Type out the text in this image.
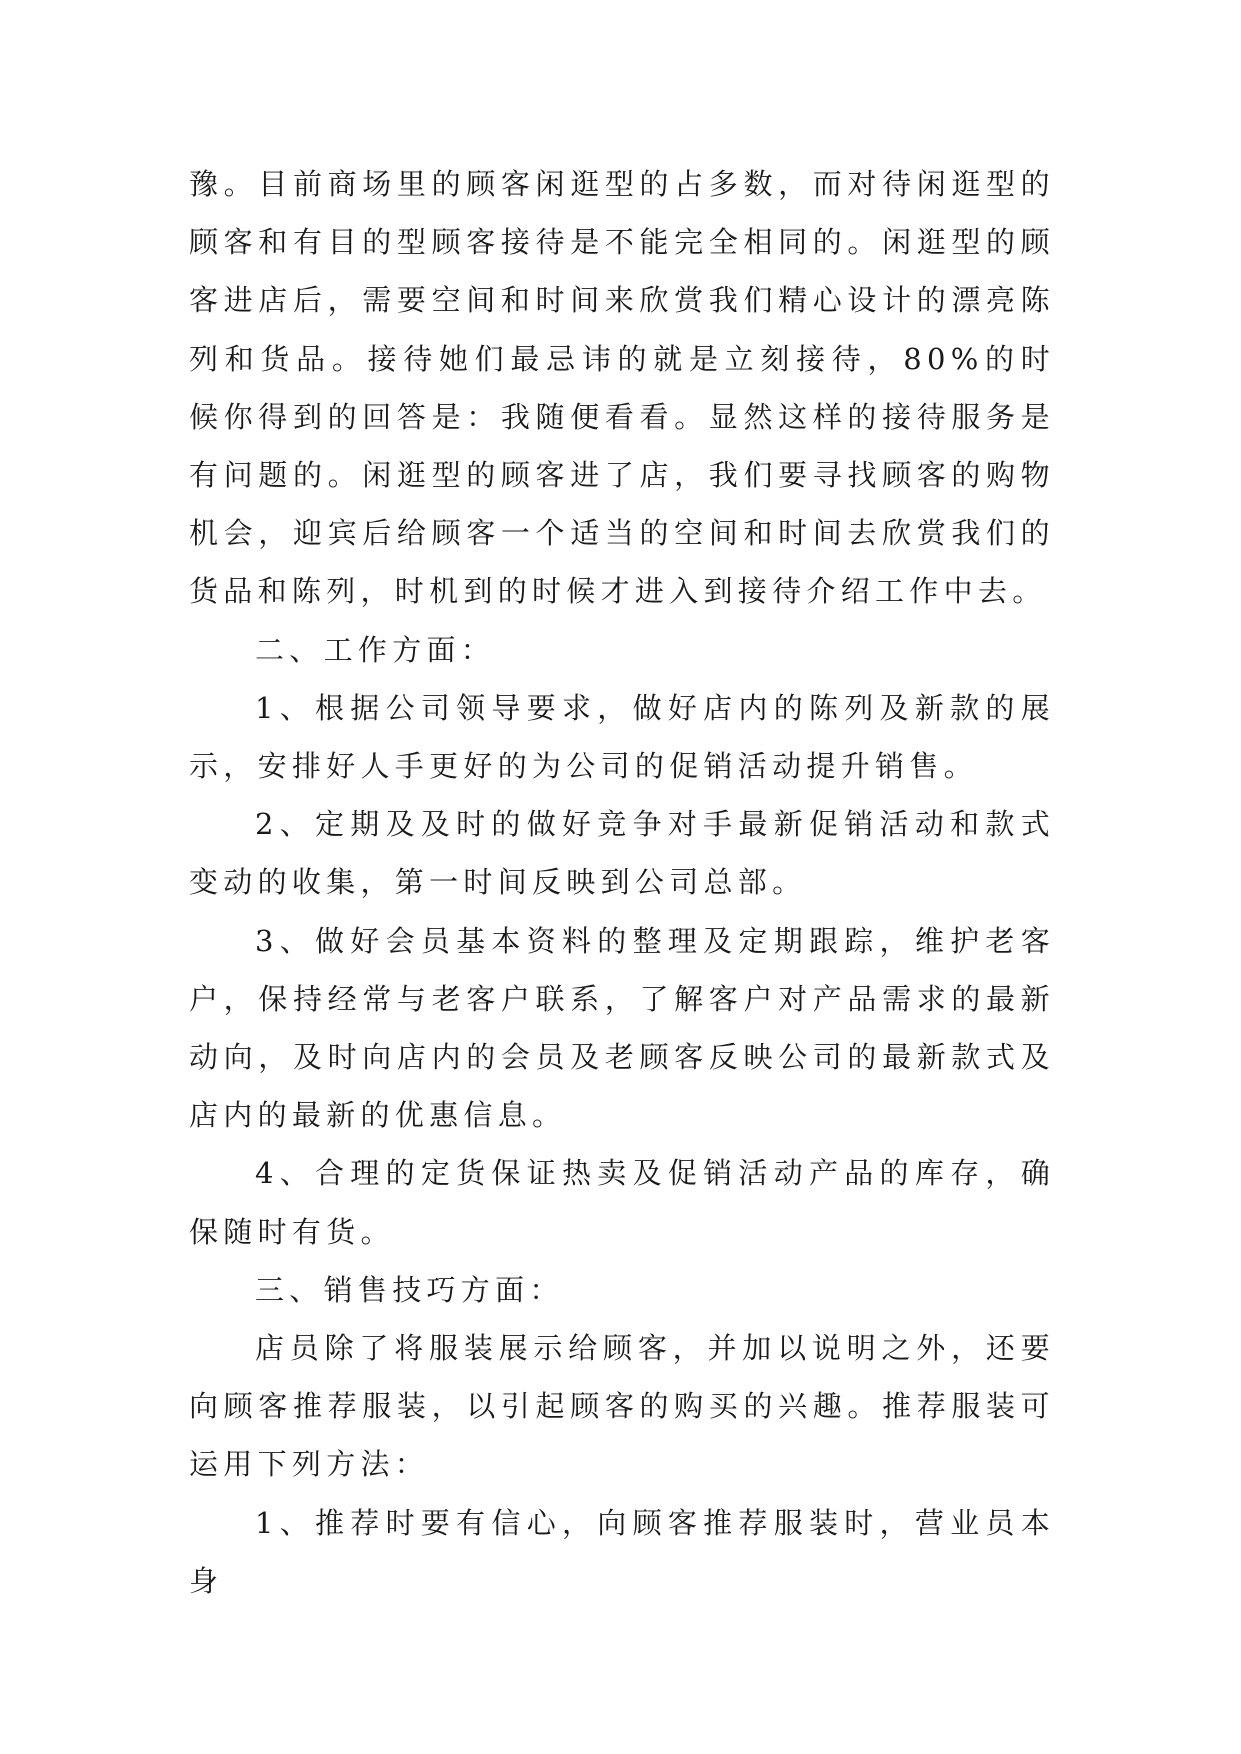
豫。目前商场里的顾客闲逛型的占多数，而对待闲逛型的顾客和有目的型顾客接待是不能完全相同的。闲逛型的顾客进店后，需要空间和时间来欣赏我们精心设计的漂亮陈列和货品。接待她们最忌讳的就是立刻接待，80%的时候你得到的回答是：我随便看看。显然这样的接待服务是有问题的。闲逛型的顾客进了店，我们要寻找顾客的购物机会，迎宾后给顾客一个适当的空间和时间去欣赏我们的货品和陈列，时机到的时候才进入到接待介绍工作中去。

二、工作方面：

1、根据公司领导要求，做好店内的陈列及新款的展示，安排好人手更好的为公司的促销活动提升销售。

2、定期及及时的做好竞争对手最新促销活动和款式变动的收集，第一时间反映到公司总部。

3、做好会员基本资料的整理及定期跟踪，维护老客户，保持经常与老客户联系，了解客户对产品需求的最新动向，及时向店内的会员及老顾客反映公司的最新款式及店内的最新的优惠信息。

4、合理的定货保证热卖及促销活动产品的库存，确保随时有货。

三、销售技巧方面：

店员除了将服装展示给顾客，并加以说明之外，还要向顾客推荐服装，以引起顾客的购买的兴趣。推荐服装可运用下列方法：

1、推荐时要有信心，向顾客推荐服装时，营业员本身
